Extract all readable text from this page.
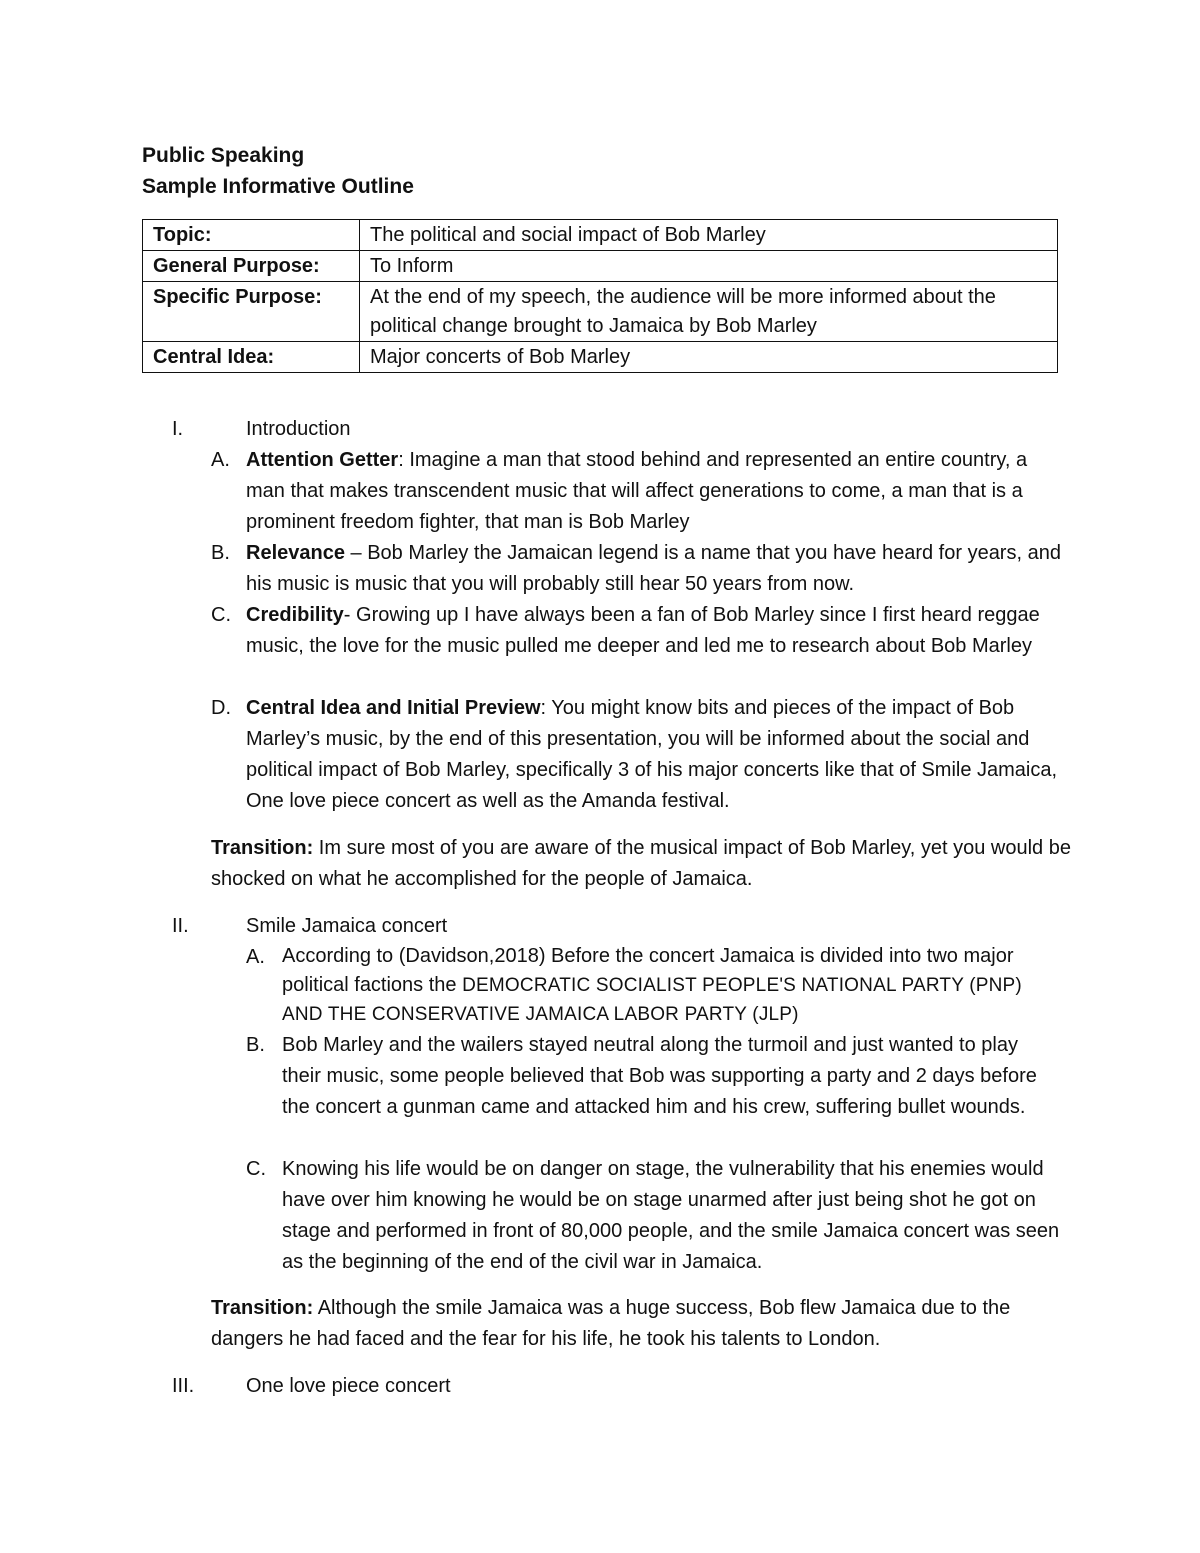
Public Speaking
Sample Informative Outline
Topic:	The political and social impact of Bob Marley
General Purpose:	To Inform
Specific Purpose:	At the end of my speech, the audience will be more informed about the political change brought to Jamaica by Bob Marley
Central Idea:	Major concerts of Bob Marley
I.	Introduction
A. Attention Getter: Imagine a man that stood behind and represented an entire country, a man that makes transcendent music that will affect generations to come, a man that is a prominent freedom fighter, that man is Bob Marley
B. Relevance – Bob Marley the Jamaican legend is a name that you have heard for years, and his music is music that you will probably still hear 50 years from now.
C. Credibility- Growing up I have always been a fan of Bob Marley since I first heard reggae music, the love for the music pulled me deeper and led me to research about Bob Marley
D. Central Idea and Initial Preview: You might know bits and pieces of the impact of Bob Marley’s music, by the end of this presentation, you will be informed about the social and political impact of Bob Marley, specifically 3 of his major concerts like that of Smile Jamaica, One love piece concert as well as the Amanda festival.
Transition: Im sure most of you are aware of the musical impact of Bob Marley, yet you would be shocked on what he accomplished for the people of Jamaica.
II.	Smile Jamaica concert
A. According to (Davidson,2018) Before the concert Jamaica is divided into two major political factions the DEMOCRATIC SOCIALIST PEOPLE'S NATIONAL PARTY (PNP) AND THE CONSERVATIVE JAMAICA LABOR PARTY (JLP)
B. Bob Marley and the wailers stayed neutral along the turmoil and just wanted to play their music, some people believed that Bob was supporting a party and 2 days before the concert a gunman came and attacked him and his crew, suffering bullet wounds.
C. Knowing his life would be on danger on stage, the vulnerability that his enemies would have over him knowing he would be on stage unarmed after just being shot he got on stage and performed in front of 80,000 people, and the smile Jamaica concert was seen as the beginning of the end of the civil war in Jamaica.
Transition: Although the smile Jamaica was a huge success, Bob flew Jamaica due to the dangers he had faced and the fear for his life, he took his talents to London.
III.	One love piece concert
